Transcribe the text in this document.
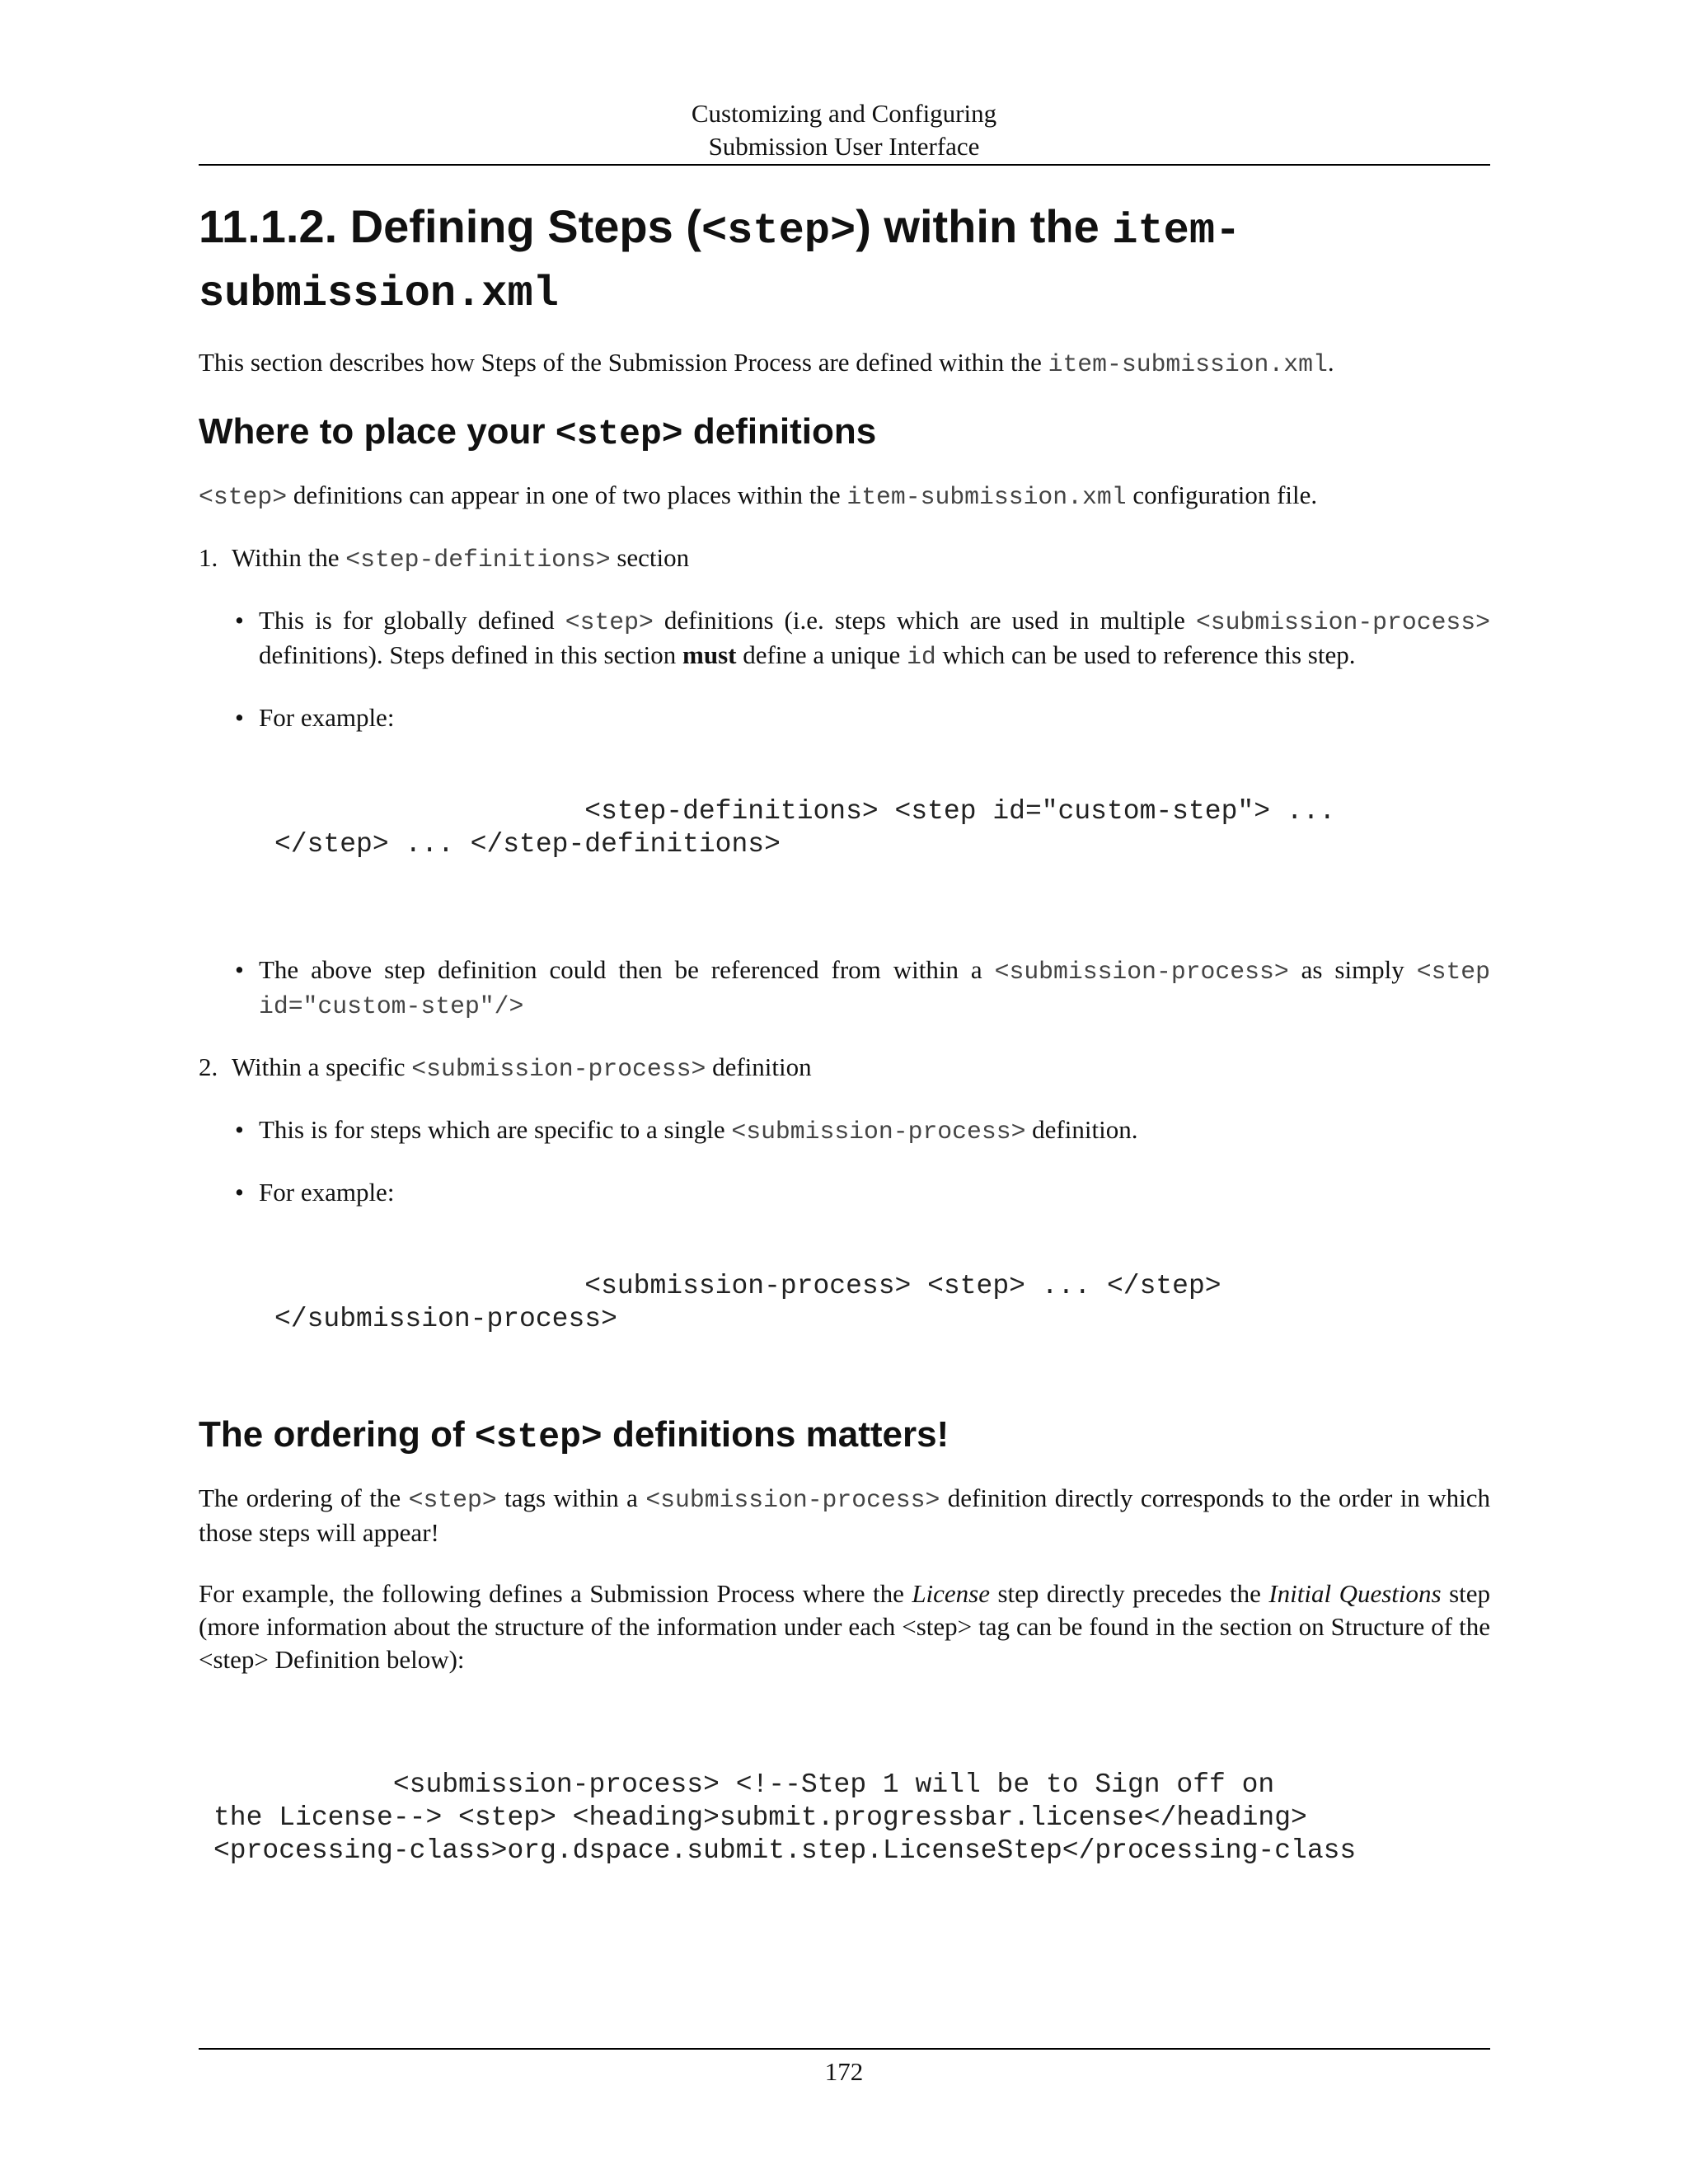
Customizing and Configuring
Submission User Interface
11.1.2. Defining Steps (<step>) within the item-submission.xml

This section describes how Steps of the Submission Process are defined within the item-submission.xml.

Where to place your <step> definitions

<step> definitions can appear in one of two places within the item-submission.xml configuration file.

1. Within the <step-definitions> section
• This is for globally defined <step> definitions (i.e. steps which are used in multiple <submission-process> definitions). Steps defined in this section must define a unique id which can be used to reference this step.
• For example:
<step-definitions> <step id="custom-step"> ...
</step> ... </step-definitions>
• The above step definition could then be referenced from within a <submission-process> as simply <step id="custom-step"/>
2. Within a specific <submission-process> definition
• This is for steps which are specific to a single <submission-process> definition.
• For example:
<submission-process> <step> ... </step>
</submission-process>
The ordering of <step> definitions matters!

The ordering of the <step> tags within a <submission-process> definition directly corresponds to the order in which those steps will appear!

For example, the following defines a Submission Process where the License step directly precedes the Initial Questions step (more information about the structure of the information under each <step> tag can be found in the section on Structure of the <step> Definition below):

<submission-process> <!--Step 1 will be to Sign off on
the License--> <step> <heading>submit.progressbar.license</heading>
<processing-class>org.dspace.submit.step.LicenseStep</processing-class
172
